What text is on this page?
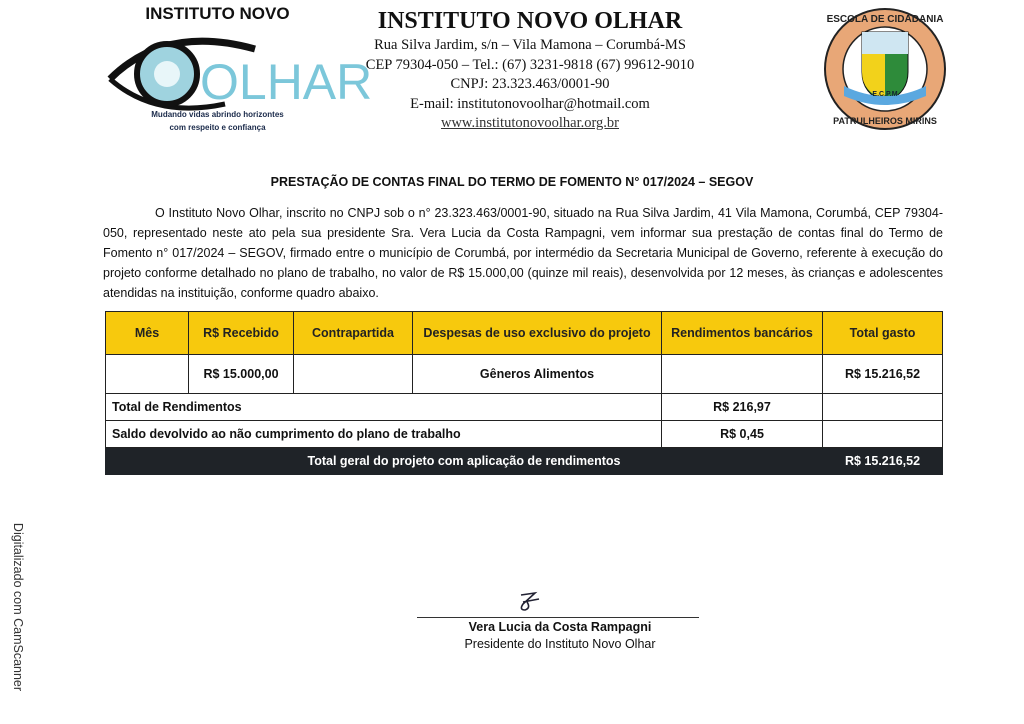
INSTITUTO NOVO
OLHAR
Mudando vidas abrindo horizontes
com respeito e confiança
INSTITUTO NOVO OLHAR
Rua Silva Jardim, s/n – Vila Mamona – Corumbá-MS
CEP 79304-050 – Tel.: (67) 3231-9818 (67) 99612-9010
CNPJ: 23.323.463/0001-90
E-mail: institutonovoolhar@hotmail.com
www.institutonovoolhar.org.br
E.C.P.M
ESCOLA DE CIDADANIA
PATRULHEIROS MIRINS
PRESTAÇÃO DE CONTAS FINAL DO TERMO DE FOMENTO N° 017/2024 – SEGOV
O Instituto Novo Olhar, inscrito no CNPJ sob o n° 23.323.463/0001-90, situado na Rua Silva Jardim, 41 Vila Mamona, Corumbá, CEP 79304-050, representado neste ato pela sua presidente Sra. Vera Lucia da Costa Rampagni, vem informar sua prestação de contas final do Termo de Fomento n° 017/2024 – SEGOV, firmado entre o município de Corumbá, por intermédio da Secretaria Municipal de Governo, referente à execução do projeto conforme detalhado no plano de trabalho, no valor de R$ 15.000,00 (quinze mil reais), desenvolvida por 12 meses, às crianças e adolescentes atendidas na instituição, conforme quadro abaixo.
Mês	R$ Recebido	Contrapartida	Despesas de uso exclusivo do projeto	Rendimentos bancários	Total gasto
	R$ 15.000,00		Gêneros Alimentos		R$ 15.216,52
Total de Rendimentos				R$ 216,97	
Saldo devolvido ao não cumprimento do plano de trabalho				R$ 0,45	
Total geral do projeto com aplicação de rendimentos					R$ 15.216,52
Vera Lucia da Costa Rampagni
Presidente do Instituto Novo Olhar
Digitalizado com CamScanner
